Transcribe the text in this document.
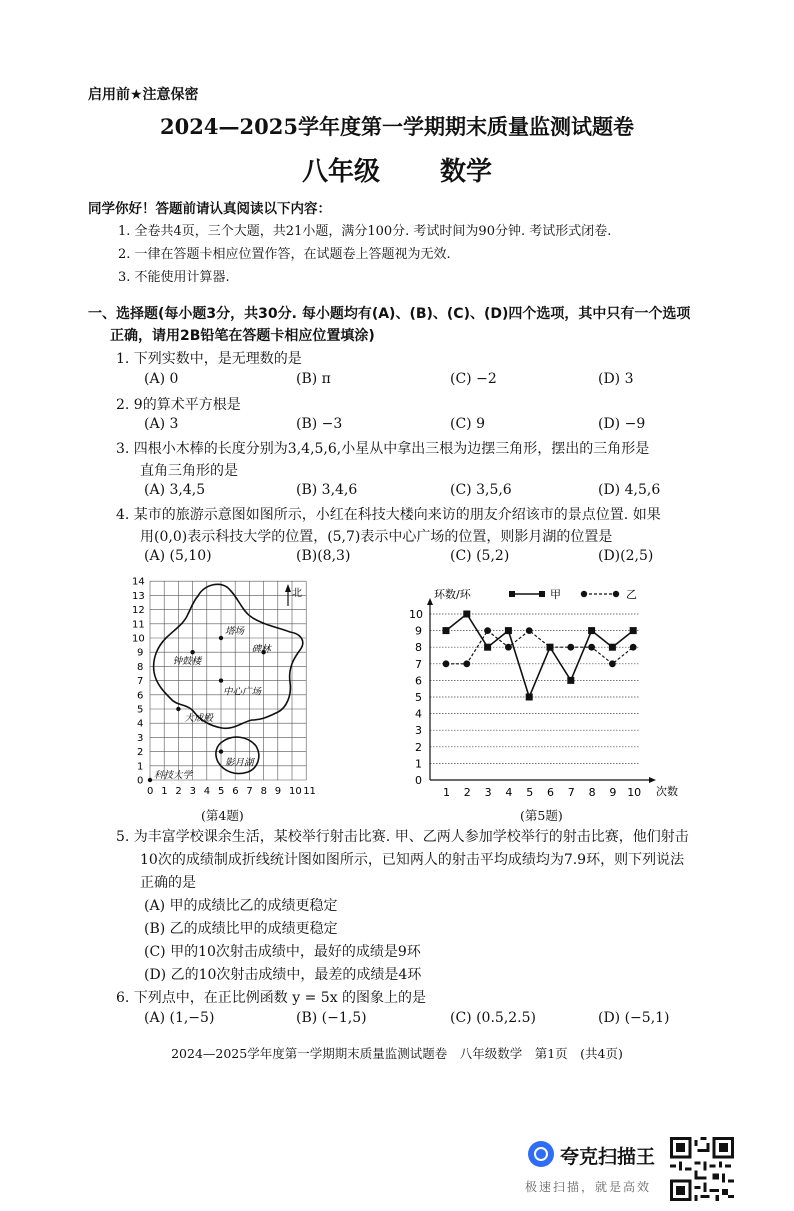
启用前★注意保密
2024—2025学年度第一学期期末质量监测试题卷
八年级 数学
同学你好！答题前请认真阅读以下内容：
1. 全卷共4页，三个大题，共21小题，满分100分. 考试时间为90分钟. 考试形式闭卷.
2. 一律在答题卡相应位置作答，在试题卷上答题视为无效.
3. 不能使用计算器.
一、选择题(每小题3分，共30分. 每小题均有(A)、(B)、(C)、(D)四个选项，其中只有一个选项
正确，请用2B铅笔在答题卡相应位置填涂)
1. 下列实数中，是无理数的是
(A) 0	(B) π	(C) −2	(D) 3
2. 9的算术平方根是
(A) 3	(B) −3	(C) 9	(D) −9
3. 四根小木棒的长度分别为3,4,5,6,小星从中拿出三根为边摆三角形，摆出的三角形是
直角三角形的是
(A) 3,4,5	(B) 3,4,6	(C) 3,5,6	(D) 4,5,6
4. 某市的旅游示意图如图所示，小红在科技大楼向来访的朋友介绍该市的景点位置. 如果
用(0,0)表示科技大学的位置，(5,7)表示中心广场的位置，则影月湖的位置是
(A) (5,10)	(B)(8,3)	(C) (5,2)	(D)(2,5)
0 1 2 3 4 5 6 7 8 9 10 11
0
1
2
3
4
5
6
7
8
9
10
11
12
13
14
科技大学
大成殿
钟鼓楼
塔场
中心广场
碑林
影月湖
北
(第4题)
0
1
2
3
4
5
6
7
8
9
10
1 2 3 4 5 6 7 8 9 10
环数/环
次数
甲	乙
(第5题)
5. 为丰富学校课余生活，某校举行射击比赛. 甲、乙两人参加学校举行的射击比赛，他们射击
10次的成绩制成折线统计图如图所示，已知两人的射击平均成绩均为7.9环，则下列说法
正确的是
(A) 甲的成绩比乙的成绩更稳定
(B) 乙的成绩比甲的成绩更稳定
(C) 甲的10次射击成绩中，最好的成绩是9环
(D) 乙的10次射击成绩中，最差的成绩是4环
6. 下列点中，在正比例函数 y = 5x 的图象上的是
(A) (1,−5)	(B) (−1,5)	(C) (0.5,2.5)	(D) (−5,1)
2024—2025学年度第一学期期末质量监测试题卷　八年级数学　第1页　(共4页)
夸克扫描王
极速扫描，就是高效
